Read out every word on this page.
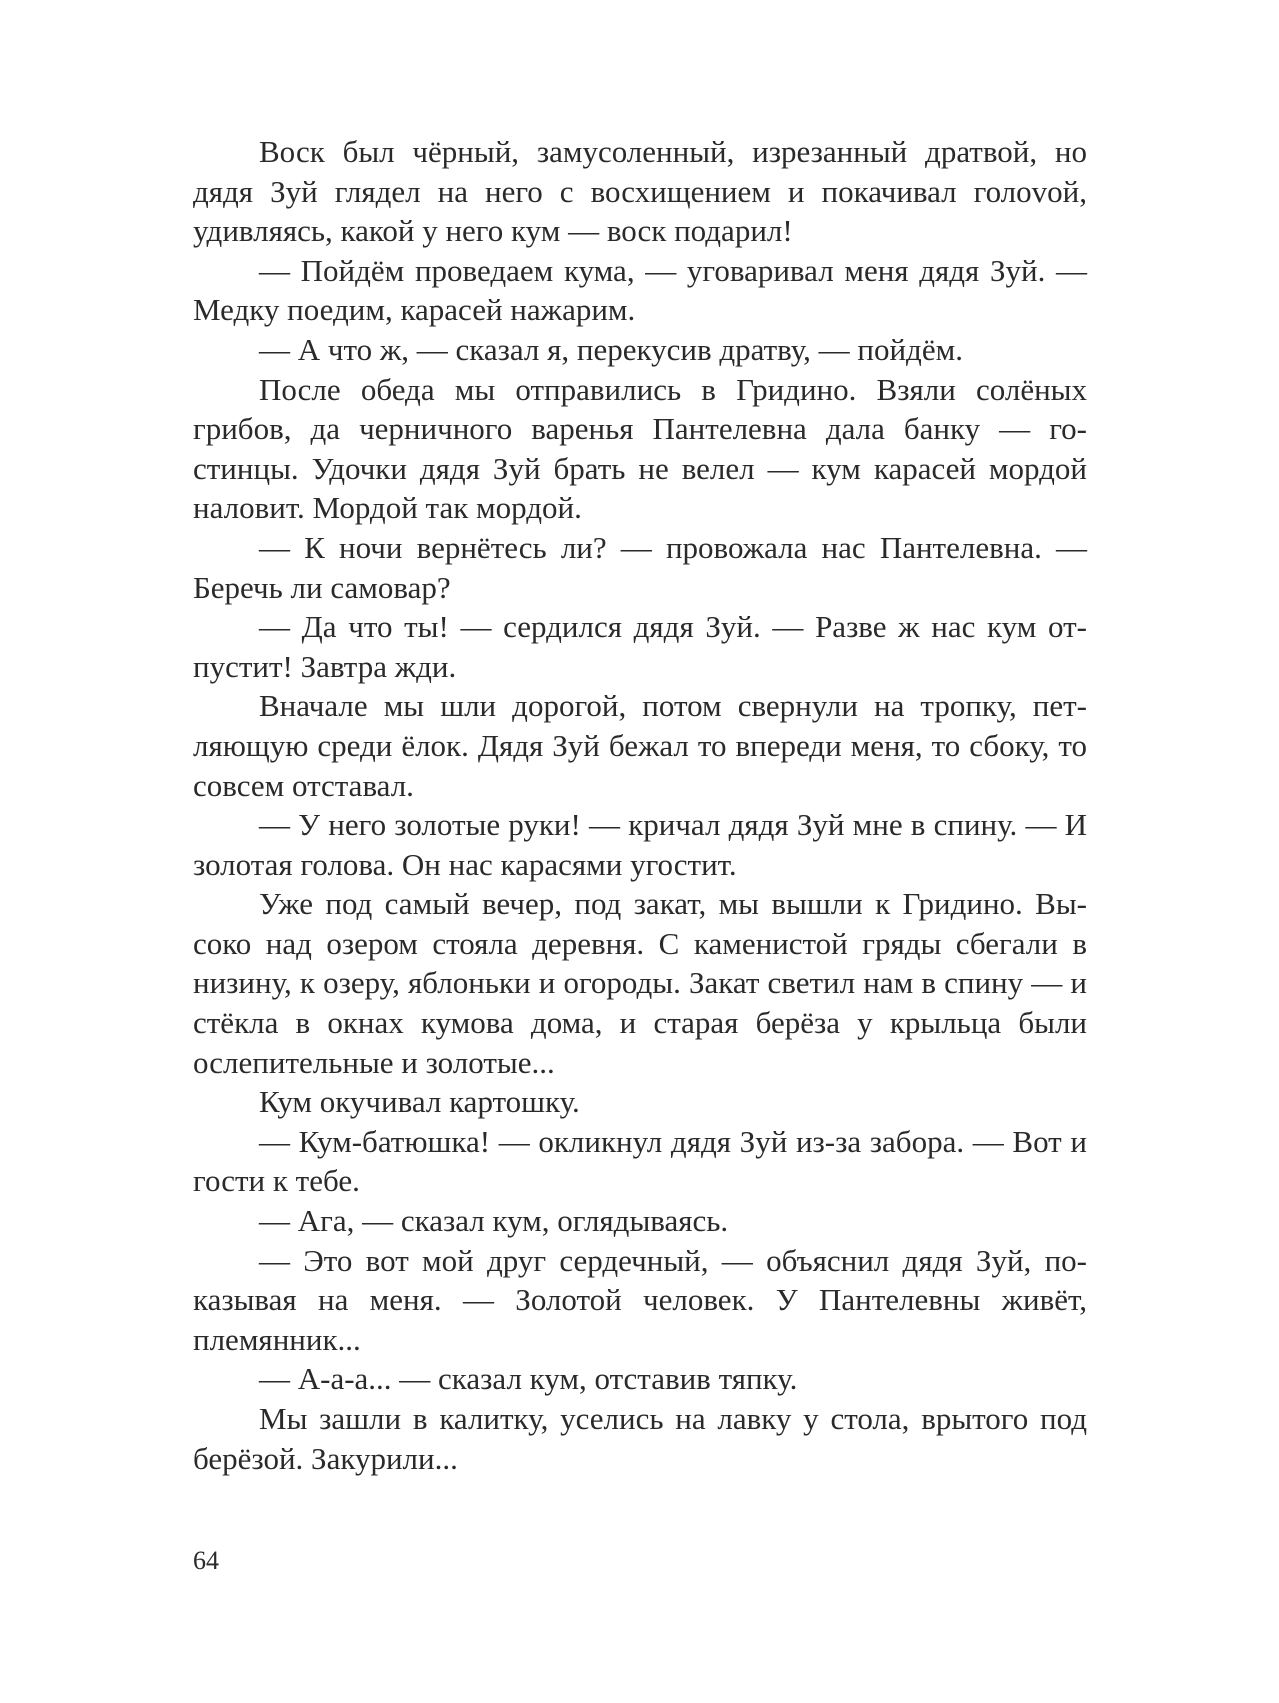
Воск был чёрный, замусоленный, изрезанный дратвой, но дядя Зуй глядел на него с восхищением и покачивал голоvой, удивляясь, какой у него кум — воск подарил!

— Пойдём проведаем кума, — уговаривал меня дядя Зуй. — Медку поедим, карасей нажарим.

— А что ж, — сказал я, перекусив дратву, — пойдём.

После обеда мы отправились в Гридино. Взяли солёных грибов, да черничного варенья Пантелевна дала банку — гостинцы. Удочки дядя Зуй брать не велел — кум карасей мордой наловит. Мордой так мордой.

— К ночи вернётесь ли? — провожала нас Пантелевна. — Беречь ли самовар?

— Да что ты! — сердился дядя Зуй. — Разве ж нас кум отпустит! Завтра жди.

Вначале мы шли дорогой, потом свернули на тропку, петляющую среди ёлок. Дядя Зуй бежал то впереди меня, то сбоку, то совсем отставал.

— У него золотые руки! — кричал дядя Зуй мне в спину. — И золотая голова. Он нас карасями угостит.

Уже под самый вечер, под закат, мы вышли к Гридино. Высоко над озером стояла деревня. С каменистой гряды сбегали в низину, к озеру, яблоньки и огороды. Закат светил нам в спину — и стёкла в окнах кумова дома, и старая берёза у крыльца были ослепительные и золотые...

Кум окучивал картошку.

— Кум-батюшка! — окликнул дядя Зуй из-за забора. — Вот и гости к тебе.

— Ага, — сказал кум, оглядываясь.

— Это вот мой друг сердечный, — объяснил дядя Зуй, показывая на меня. — Золотой человек. У Пантелевны живёт, племянник...

— А-а-а... — сказал кум, отставив тяпку.

Мы зашли в калитку, уселись на лавку у стола, врытого под берёзой. Закурили...

64
